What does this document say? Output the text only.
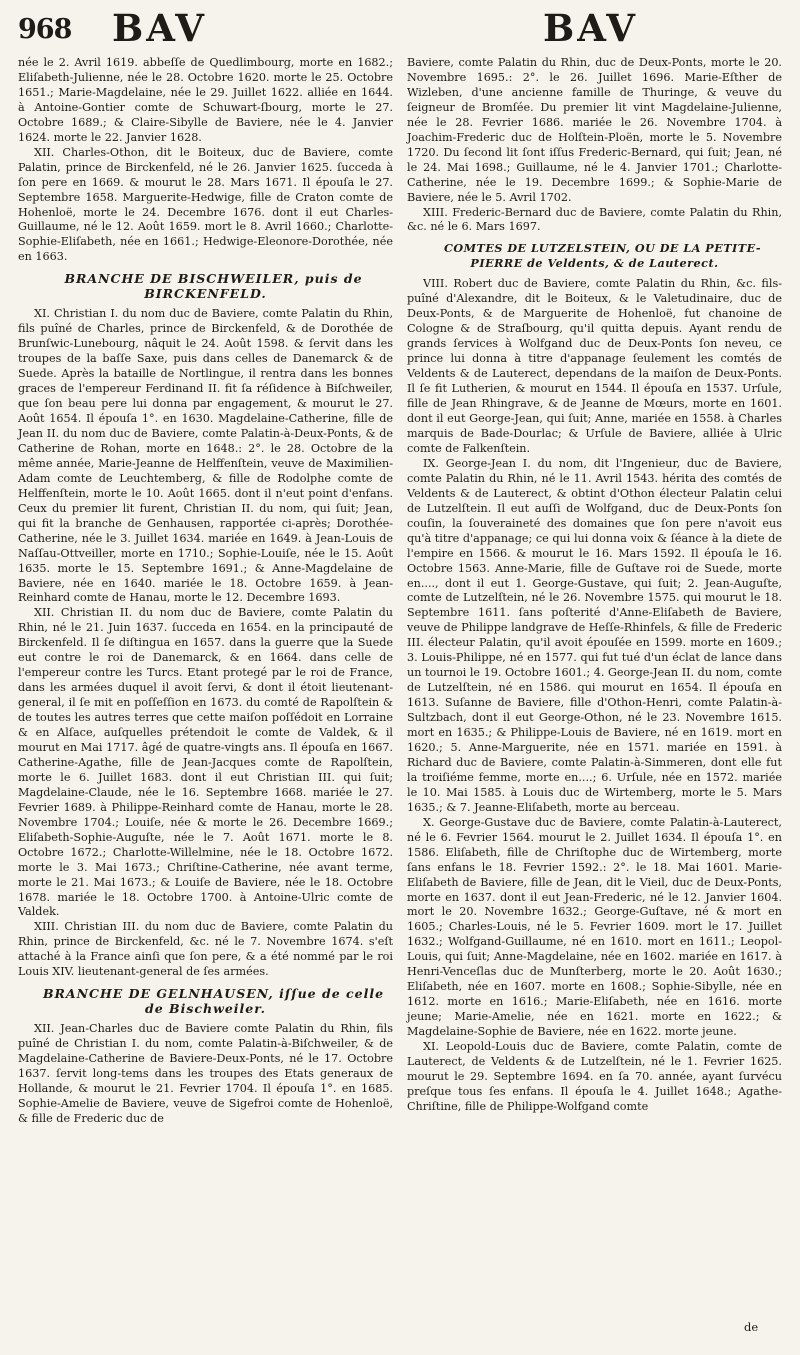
968 BAV	BAV

née le 2. Avril 1619. abbeſſe de Quedlimbourg, morte en 1682.; Eliſabeth-Julienne, née le 28. Octobre 1620. morte le 25. Octobre 1651.; Marie-Magdelaine, née le 29. Juillet 1622. alliée en 1644. à Antoine-Gontier comte de Schuwart-ſbourg, morte le 27. Octobre 1689.; & Claire-Sibylle de Baviere, née le 4. Janvier 1624. morte le 22. Janvier 1628.

XII. Charles-Othon, dit le Boiteux, duc de Baviere, comte Palatin, prince de Birckenfeld, né le 26. Janvier 1625. ſucceda à ſon pere en 1669. & mourut le 28. Mars 1671. Il épouſa le 27. Septembre 1658. Marguerite-Hedwige, fille de Craton comte de Hohenloë, morte le 24. Decembre 1676. dont il eut Charles-Guillaume, né le 12. Août 1659. mort le 8. Avril 1660.; Charlotte-Sophie-Eliſabeth, née en 1661.; Hedwige-Eleonore-Dorothée, née en 1663.

BRANCHE DE BISCHWEILER, puis de BIRCKENFELD.

XI. Christian I. du nom duc de Baviere, comte Palatin du Rhin, fils puîné de Charles, prince de Birckenfeld, & de Dorothée de Brunſwic-Lunebourg, nâquit le 24. Août 1598. & ſervit dans les troupes de la baſſe Saxe, puis dans celles de Danemarck & de Suede. Après la bataille de Nortlingue, il rentra dans les bonnes graces de l'empereur Ferdinand II. fit ſa réſidence à Biſchweiler, que ſon beau pere lui donna par engagement, & mourut le 27. Août 1654. Il épouſa 1°. en 1630. Magdelaine-Catherine, fille de Jean II. du nom duc de Baviere, comte Palatin-à-Deux-Ponts, & de Catherine de Rohan, morte en 1648.: 2°. le 28. Octobre de la même année, Marie-Jeanne de Helffenſtein, veuve de Maximilien-Adam comte de Leuchtemberg, & fille de Rodolphe comte de Helffenſtein, morte le 10. Août 1665. dont il n'eut point d'enfans. Ceux du premier lit furent, Christian II. du nom, qui ſuit; Jean, qui fit la branche de Genhausen, rapportée ci-après; Dorothée-Catherine, née le 3. Juillet 1634. mariée en 1649. à Jean-Louis de Naſſau-Ottveiller, morte en 1710.; Sophie-Louiſe, née le 15. Août 1635. morte le 15. Septembre 1691.; & Anne-Magdelaine de Baviere, née en 1640. mariée le 18. Octobre 1659. à Jean-Reinhard comte de Hanau, morte le 12. Decembre 1693.

XII. Christian II. du nom duc de Baviere, comte Palatin du Rhin, né le 21. Juin 1637. ſucceda en 1654. en la principauté de Birckenfeld. Il ſe diſtingua en 1657. dans la guerre que la Suede eut contre le roi de Danemarck, & en 1664. dans celle de l'empereur contre les Turcs. Etant protegé par le roi de France, dans les armées duquel il avoit ſervi, & dont il étoit lieutenant-general, il ſe mit en poſſeſſion en 1673. du comté de Rapolſtein & de toutes les autres terres que cette maiſon poſſédoit en Lorraine & en Alſace, auſquelles prétendoit le comte de Valdek, & il mourut en Mai 1717. âgé de quatre-vingts ans. Il épouſa en 1667. Catherine-Agathe, fille de Jean-Jacques comte de Rapolſtein, morte le 6. Juillet 1683. dont il eut Christian III. qui ſuit; Magdelaine-Claude, née le 16. Septembre 1668. mariée le 27. Fevrier 1689. à Philippe-Reinhard comte de Hanau, morte le 28. Novembre 1704.; Louiſe, née & morte le 26. Decembre 1669.; Eliſabeth-Sophie-Auguſte, née le 7. Août 1671. morte le 8. Octobre 1672.; Charlotte-Willelmine, née le 18. Octobre 1672. morte le 3. Mai 1673.; Chriſtine-Catherine, née avant terme, morte le 21. Mai 1673.; & Louiſe de Baviere, née le 18. Octobre 1678. mariée le 18. Octobre 1700. à Antoine-Ulric comte de Valdek.

XIII. Christian III. du nom duc de Baviere, comte Palatin du Rhin, prince de Birckenfeld, &c. né le 7. Novembre 1674. s'eſt attaché à la France ainſi que ſon pere, & a été nommé par le roi Louis XIV. lieutenant-general de ſes armées.

BRANCHE DE GELNHAUSEN, iſſue de celle de Bischweiler.

XII. Jean-Charles duc de Baviere comte Palatin du Rhin, fils puîné de Christian I. du nom, comte Palatin-à-Biſchweiler, & de Magdelaine-Catherine de Baviere-Deux-Ponts, né le 17. Octobre 1637. ſervit long-tems dans les troupes des Etats generaux de Hollande, & mourut le 21. Fevrier 1704. Il épouſa 1°. en 1685. Sophie-Amelie de Baviere, veuve de Sigefroi comte de Hohenloë, & fille de Frederic duc de

Baviere, comte Palatin du Rhin, duc de Deux-Ponts, morte le 20. Novembre 1695.: 2°. le 26. Juillet 1696. Marie-Eſther de Wizleben, d'une ancienne famille de Thuringe, & veuve du ſeigneur de Bromſée. Du premier lit vint Magdelaine-Julienne, née le 28. Fevrier 1686. mariée le 26. Novembre 1704. à Joachim-Frederic duc de Holſtein-Ploën, morte le 5. Novembre 1720. Du ſecond lit ſont iſſus Frederic-Bernard, qui ſuit; Jean, né le 24. Mai 1698.; Guillaume, né le 4. Janvier 1701.; Charlotte-Catherine, née le 19. Decembre 1699.; & Sophie-Marie de Baviere, née le 5. Avril 1702.

XIII. Frederic-Bernard duc de Baviere, comte Palatin du Rhin, &c. né le 6. Mars 1697.

COMTES DE LUTZELSTEIN, OU DE LA PETITE-PIERRE de Veldents, & de Lauterect.

VIII. Robert duc de Baviere, comte Palatin du Rhin, &c. fils-puîné d'Alexandre, dit le Boiteux, & le Valetudinaire, duc de Deux-Ponts, & de Marguerite de Hohenloë, fut chanoine de Cologne & de Straſbourg, qu'il quitta depuis. Ayant rendu de grands ſervices à Wolfgand duc de Deux-Ponts ſon neveu, ce prince lui donna à titre d'appanage ſeulement les comtés de Veldents & de Lauterect, dependans de la maiſon de Deux-Ponts. Il ſe fit Lutherien, & mourut en 1544. Il épouſa en 1537. Urſule, fille de Jean Rhingrave, & de Jeanne de Mœurs, morte en 1601. dont il eut George-Jean, qui ſuit; Anne, mariée en 1558. à Charles marquis de Bade-Dourlac; & Urſule de Baviere, alliée à Ulric comte de Falkenſtein.

IX. George-Jean I. du nom, dit l'Ingenieur, duc de Baviere, comte Palatin du Rhin, né le 11. Avril 1543. hérita des comtés de Veldents & de Lauterect, & obtint d'Othon électeur Palatin celui de Lutzelſtein. Il eut auſſi de Wolfgand, duc de Deux-Ponts ſon couſin, la ſouveraineté des domaines que ſon pere n'avoit eus qu'à titre d'appanage; ce qui lui donna voix & ſéance à la diete de l'empire en 1566. & mourut le 16. Mars 1592. Il épouſa le 16. Octobre 1563. Anne-Marie, fille de Guſtave roi de Suede, morte en...., dont il eut 1. George-Gustave, qui ſuit; 2. Jean-Auguſte, comte de Lutzelſtein, né le 26. Novembre 1575. qui mourut le 18. Septembre 1611. ſans poſterité d'Anne-Eliſabeth de Baviere, veuve de Philippe landgrave de Heſſe-Rhinfels, & fille de Frederic III. électeur Palatin, qu'il avoit épouſée en 1599. morte en 1609.; 3. Louis-Philippe, né en 1577. qui fut tué d'un éclat de lance dans un tournoi le 19. Octobre 1601.; 4. George-Jean II. du nom, comte de Lutzelſtein, né en 1586. qui mourut en 1654. Il épouſa en 1613. Suſanne de Baviere, fille d'Othon-Henri, comte Palatin-à-Sultzbach, dont il eut George-Othon, né le 23. Novembre 1615. mort en 1635.; & Philippe-Louis de Baviere, né en 1619. mort en 1620.; 5. Anne-Marguerite, née en 1571. mariée en 1591. à Richard duc de Baviere, comte Palatin-à-Simmeren, dont elle fut la troiſiéme femme, morte en....; 6. Urſule, née en 1572. mariée le 10. Mai 1585. à Louis duc de Wirtemberg, morte le 5. Mars 1635.; & 7. Jeanne-Eliſabeth, morte au berceau.

X. George-Gustave duc de Baviere, comte Palatin-à-Lauterect, né le 6. Fevrier 1564. mourut le 2. Juillet 1634. Il épouſa 1°. en 1586. Eliſabeth, fille de Chriſtophe duc de Wirtemberg, morte ſans enfans le 18. Fevrier 1592.: 2°. le 18. Mai 1601. Marie-Eliſabeth de Baviere, fille de Jean, dit le Vieil, duc de Deux-Ponts, morte en 1637. dont il eut Jean-Frederic, né le 12. Janvier 1604. mort le 20. Novembre 1632.; George-Guſtave, né & mort en 1605.; Charles-Louis, né le 5. Fevrier 1609. mort le 17. Juillet 1632.; Wolfgand-Guillaume, né en 1610. mort en 1611.; Leopol-Louis, qui ſuit; Anne-Magdelaine, née en 1602. mariée en 1617. à Henri-Venceſlas duc de Munſterberg, morte le 20. Août 1630.; Eliſabeth, née en 1607. morte en 1608.; Sophie-Sibylle, née en 1612. morte en 1616.; Marie-Eliſabeth, née en 1616. morte jeune; Marie-Amelie, née en 1621. morte en 1622.; & Magdelaine-Sophie de Baviere, née en 1622. morte jeune.

XI. Leopold-Louis duc de Baviere, comte Palatin, comte de Lauterect, de Veldents & de Lutzelſtein, né le 1. Fevrier 1625. mourut le 29. Septembre 1694. en ſa 70. année, ayant ſurvécu preſque tous ſes enfans. Il épouſa le 4. Juillet 1648.; Agathe-Chriſtine, fille de Philippe-Wolfgand comte

de
